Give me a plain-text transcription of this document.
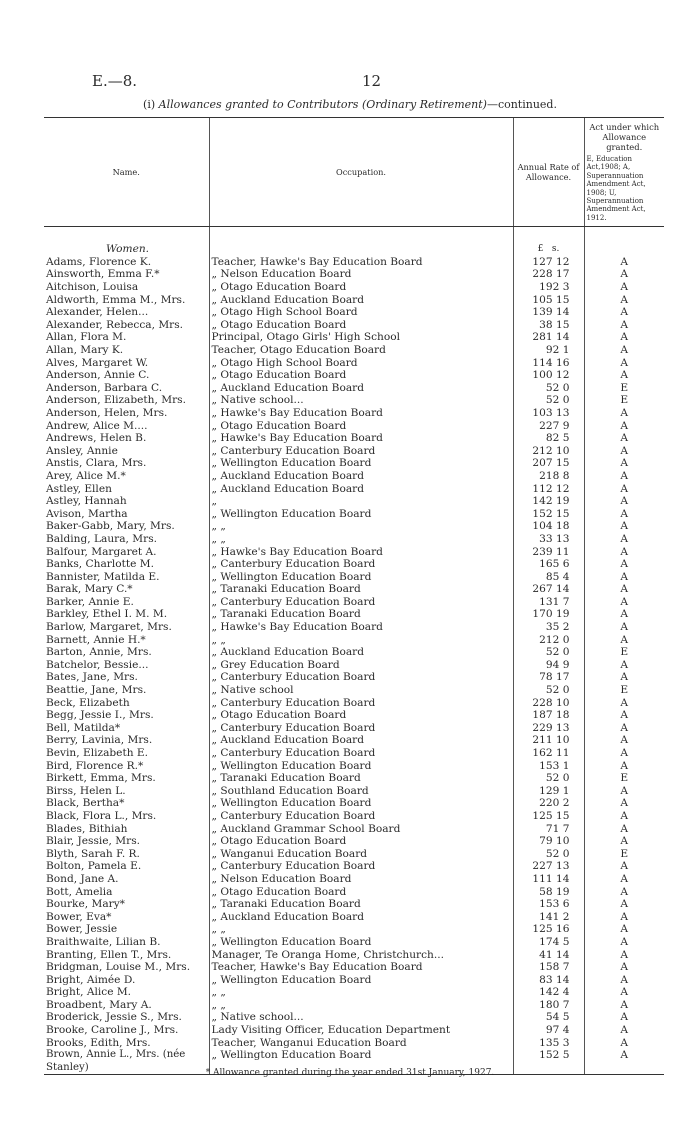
E.—8.	12
(i) Allowances granted to Contributors (Ordinary Retirement)—continued.
Name.	Occupation.	Annual Rate of Allowance.	Act under which Allowance granted.
E, Education Act,1908; A, Superannuation Amendment Act, 1908; U, Superannuation Amendment Act, 1912.

Women.		£ s.	
Adams, Florence K.	Teacher, Hawke's Bay Education Board	127 12	A
Ainsworth, Emma F.*	„ Nelson Education Board	228 17	A
Aitchison, Louisa	„ Otago Education Board	192 3	A
Aldworth, Emma M., Mrs.	„ Auckland Education Board	105 15	A
Alexander, Helen...	„ Otago High School Board	139 14	A
Alexander, Rebecca, Mrs.	„ Otago Education Board	38 15	A
Allan, Flora M.	Principal, Otago Girls' High School	281 14	A
Allan, Mary K.	Teacher, Otago Education Board	92 1	A
Alves, Margaret W.	„ Otago High School Board	114 16	A
Anderson, Annie C.	„ Otago Education Board	100 12	A
Anderson, Barbara C.	„ Auckland Education Board	52 0	E
Anderson, Elizabeth, Mrs.	„ Native school...	52 0	E
Anderson, Helen, Mrs.	„ Hawke's Bay Education Board	103 13	A
Andrew, Alice M....	„ Otago Education Board	227 9	A
Andrews, Helen B.	„ Hawke's Bay Education Board	82 5	A
Ansley, Annie	„ Canterbury Education Board	212 10	A
Anstis, Clara, Mrs.	„ Wellington Education Board	207 15	A
Arey, Alice M.*	„ Auckland Education Board	218 8	A
Astley, Ellen	„ Auckland Education Board	112 12	A
Astley, Hannah	„	142 19	A
Avison, Martha	„ Wellington Education Board	152 15	A
Baker-Gabb, Mary, Mrs.	„ „	104 18	A
Balding, Laura, Mrs.	„ „	33 13	A
Balfour, Margaret A.	„ Hawke's Bay Education Board	239 11	A
Banks, Charlotte M.	„ Canterbury Education Board	165 6	A
Bannister, Matilda E.	„ Wellington Education Board	85 4	A
Barak, Mary C.*	„ Taranaki Education Board	267 14	A
Barker, Annie E.	„ Canterbury Education Board	131 7	A
Barkley, Ethel I. M. M.	„ Taranaki Education Board	170 19	A
Barlow, Margaret, Mrs.	„ Hawke's Bay Education Board	35 2	A
Barnett, Annie H.*	„ „	212 0	A
Barton, Annie, Mrs.	„ Auckland Education Board	52 0	E
Batchelor, Bessie...	„ Grey Education Board	94 9	A
Bates, Jane, Mrs.	„ Canterbury Education Board	78 17	A
Beattie, Jane, Mrs.	„ Native school	52 0	E
Beck, Elizabeth	„ Canterbury Education Board	228 10	A
Begg, Jessie I., Mrs.	„ Otago Education Board	187 18	A
Bell, Matilda*	„ Canterbury Education Board	229 13	A
Berry, Lavinia, Mrs.	„ Auckland Education Board	211 10	A
Bevin, Elizabeth E.	„ Canterbury Education Board	162 11	A
Bird, Florence R.*	„ Wellington Education Board	153 1	A
Birkett, Emma, Mrs.	„ Taranaki Education Board	52 0	E
Birss, Helen L.	„ Southland Education Board	129 1	A
Black, Bertha*	„ Wellington Education Board	220 2	A
Black, Flora L., Mrs.	„ Canterbury Education Board	125 15	A
Blades, Bithiah	„ Auckland Grammar School Board	71 7	A
Blair, Jessie, Mrs.	„ Otago Education Board	79 10	A
Blyth, Sarah F. R.	„ Wanganui Education Board	52 0	E
Bolton, Pamela E.	„ Canterbury Education Board	227 13	A
Bond, Jane A.	„ Nelson Education Board	111 14	A
Bott, Amelia	„ Otago Education Board	58 19	A
Bourke, Mary*	„ Taranaki Education Board	153 6	A
Bower, Eva*	„ Auckland Education Board	141 2	A
Bower, Jessie	„ „	125 16	A
Braithwaite, Lilian B.	„ Wellington Education Board	174 5	A
Branting, Ellen T., Mrs.	Manager, Te Oranga Home, Christchurch...	41 14	A
Bridgman, Louise M., Mrs.	Teacher, Hawke's Bay Education Board	158 7	A
Bright, Aimée D.	„ Wellington Education Board	83 14	A
Bright, Alice M.	„ „	142 4	A
Broadbent, Mary A.	„ „	180 7	A
Broderick, Jessie S., Mrs.	„ Native school...	54 5	A
Brooke, Caroline J., Mrs.	Lady Visiting Officer, Education Department	97 4	A
Brooks, Edith, Mrs.	Teacher, Wanganui Education Board	135 3	A
Brown, Annie L., Mrs. (née Stanley)	„ Wellington Education Board	152 5	A
* Allowance granted during the year ended 31st January, 1927.
